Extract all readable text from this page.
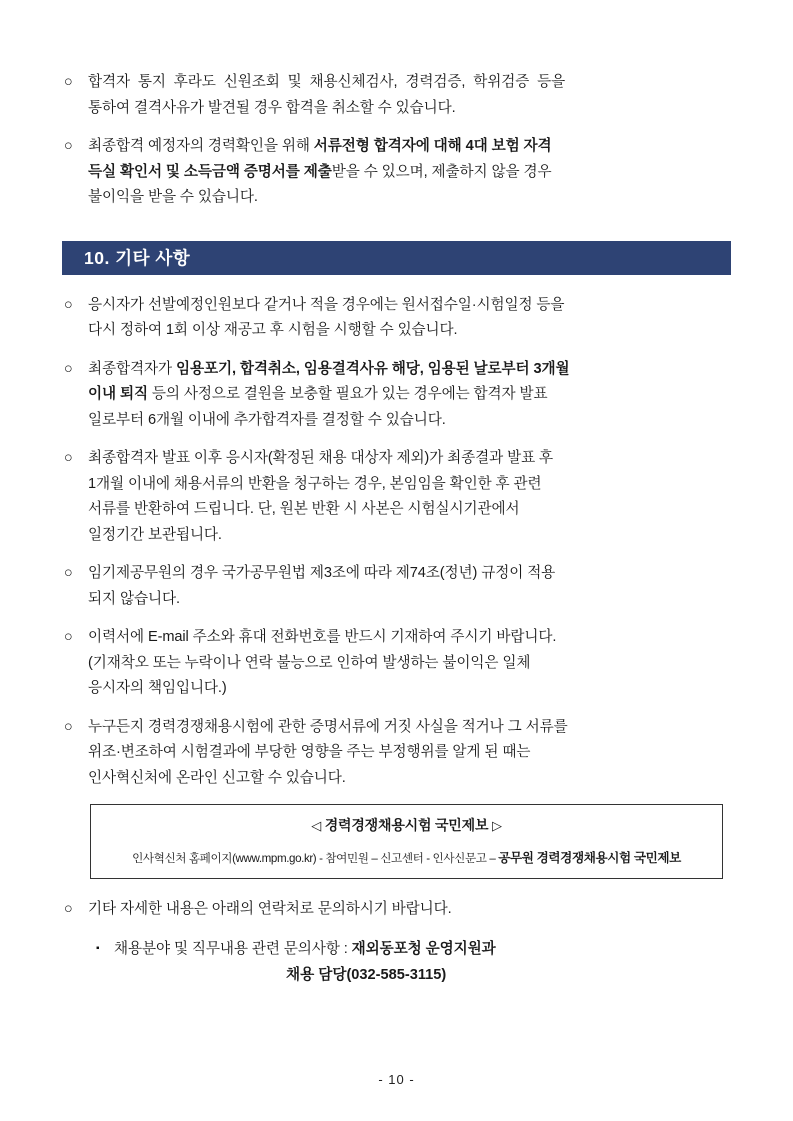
○	합격자  통지  후라도  신원조회  및  채용신체검사,  경력검증,  학위검증  등을
통하여 결격사유가 발견될 경우 합격을 취소할 수 있습니다.
○	최종합격 예정자의 경력확인을 위해 서류전형 합격자에 대해 4대 보험 자격
득실 확인서 및 소득금액 증명서를 제출받을 수 있으며, 제출하지 않을 경우
불이익을 받을 수 있습니다.
10. 기타 사항
○	응시자가 선발예정인원보다 같거나 적을 경우에는 원서접수일·시험일정 등을
다시 정하여 1회 이상 재공고 후 시험을 시행할 수 있습니다.
○	최종합격자가 임용포기, 합격취소, 임용결격사유 해당, 임용된 날로부터 3개월
이내 퇴직 등의 사정으로 결원을 보충할 필요가 있는 경우에는 합격자 발표
일로부터 6개월 이내에 추가합격자를 결정할 수 있습니다.
○	최종합격자 발표 이후 응시자(확정된 채용 대상자 제외)가 최종결과 발표 후
1개월 이내에 채용서류의 반환을 청구하는 경우, 본임임을 확인한 후 관련
서류를 반환하여 드립니다. 단, 원본 반환 시 사본은 시험실시기관에서
일정기간 보관됩니다.
○	임기제공무원의 경우 국가공무원법 제3조에 따라 제74조(정년) 규정이 적용
되지 않습니다.
○	이력서에 E-mail 주소와 휴대 전화번호를 반드시 기재하여 주시기 바랍니다.
(기재착오 또는 누락이나 연락 불능으로 인하여 발생하는 불이익은 일체
응시자의 책임입니다.)
○	누구든지 경력경쟁채용시험에 관한 증명서류에 거짓 사실을 적거나 그 서류를
위조·변조하여 시험결과에 부당한 영향을 주는 부정행위를 알게 된 때는
인사혁신처에 온라인 신고할 수 있습니다.
◁ 경력경쟁채용시험 국민제보 ▷
인사혁신처 홈페이지(www.mpm.go.kr) - 참여민원 – 신고센터 - 인사신문고 – 공무원 경력경쟁채용시험 국민제보
○	기타 자세한 내용은 아래의 연락처로 문의하시기 바랍니다.
▪ 채용분야 및 직무내용 관련 문의사항 : 재외동포청 운영지원과
채용 담당(032-585-3115)
- 10 -
